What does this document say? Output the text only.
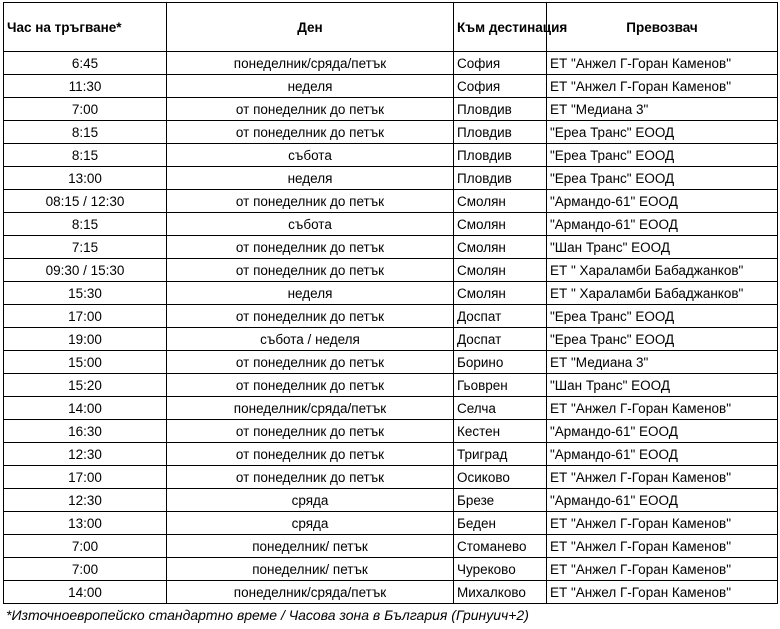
Час на тръгване*	Ден	Към дестинация	Превозвач
6:45	понеделник/сряда/петък	София	ЕТ "Анжел Г-Горан Каменов"
11:30	неделя	София	ЕТ "Анжел Г-Горан Каменов"
7:00	от понеделник до петък	Пловдив	ЕТ "Медиана 3"
8:15	от понеделник до петък	Пловдив	"Ереа Транс" ЕООД
8:15	събота	Пловдив	"Ереа Транс" ЕООД
13:00	неделя	Пловдив	"Ереа Транс" ЕООД
08:15 / 12:30	от понеделник до петък	Смолян	"Армандо-61" ЕООД
8:15	събота	Смолян	"Армандо-61" ЕООД
7:15	от понеделник до петък	Смолян	"Шан Транс" ЕООД
09:30 / 15:30	от понеделник до петък	Смолян	ЕТ " Хараламби Бабаджанков"
15:30	неделя	Смолян	ЕТ " Хараламби Бабаджанков"
17:00	от понеделник до петък	Доспат	"Ереа Транс" ЕООД
19:00	събота / неделя	Доспат	"Ереа Транс" ЕООД
15:00	от понеделник до петък	Борино	ЕТ "Медиана 3"
15:20	от понеделник до петък	Гьоврен	"Шан Транс" ЕООД
14:00	понеделник/сряда/петък	Селча	ЕТ "Анжел Г-Горан Каменов"
16:30	от понеделник до петък	Кестен	"Армандо-61" ЕООД
12:30	от понеделник до петък	Триград	"Армандо-61" ЕООД
17:00	от понеделник до петък	Осиково	ЕТ "Анжел Г-Горан Каменов"
12:30	сряда	Брезе	"Армандо-61" ЕООД
13:00	сряда	Беден	ЕТ "Анжел Г-Горан Каменов"
7:00	понеделник/ петък	Стоманево	ЕТ "Анжел Г-Горан Каменов"
7:00	понеделник/ петък	Чуреково	ЕТ "Анжел Г-Горан Каменов"
14:00	понеделник/сряда/петък	Михалково	ЕТ "Анжел Г-Горан Каменов"
*Източноевропейско стандартно време / Часова зона в България (Гринуич+2)
